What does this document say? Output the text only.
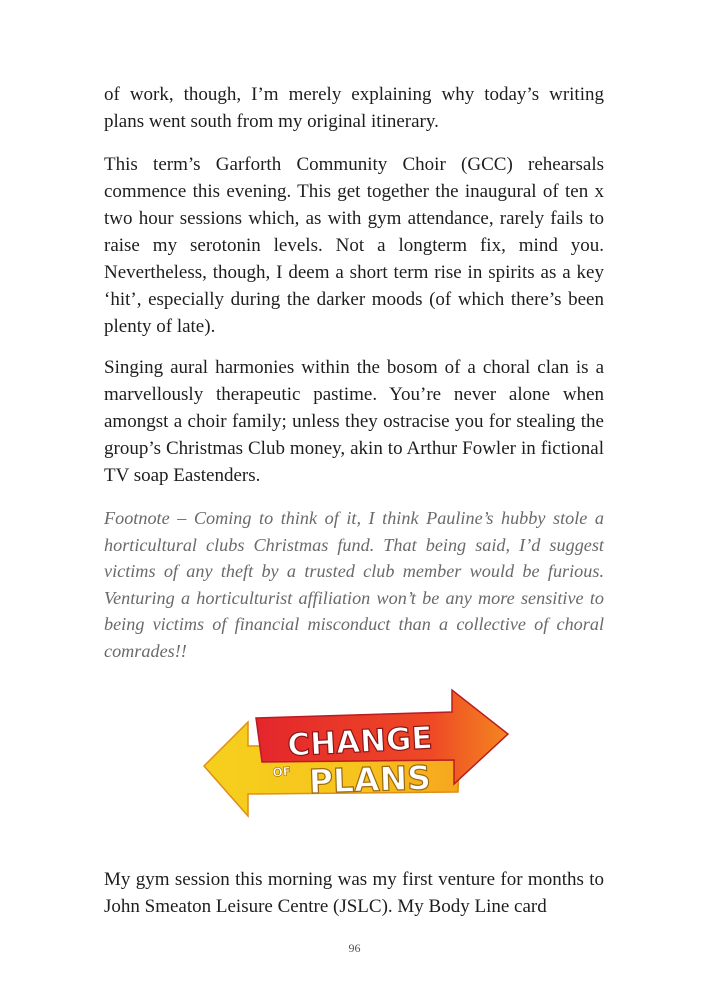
of work, though, I’m merely explaining why today’s writing plans went south from my original itinerary.

This term’s Garforth Community Choir (GCC) rehearsals commence this evening. This get together the inaugural of ten x two hour sessions which, as with gym attendance, rarely fails to raise my serotonin levels. Not a longterm fix, mind you. Nevertheless, though, I deem a short term rise in spirits as a key ‘hit’, especially during the darker moods (of which there’s been plenty of late).

Singing aural harmonies within the bosom of a choral clan is a marvellously therapeutic pastime. You’re never alone when amongst a choir family; unless they ostracise you for stealing the group’s Christmas Club money, akin to Arthur Fowler in fictional TV soap Eastenders.

Footnote – Coming to think of it, I think Pauline’s hubby stole a horticultural clubs Christmas fund. That being said, I’d suggest victims of any theft by a trusted club member would be furious. Venturing a horticulturist affiliation won’t be any more sensitive to being victims of financial misconduct than a collective of choral comrades!!

CHANGE
OF PLANS

My gym session this morning was my first venture for months to John Smeaton Leisure Centre (JSLC). My Body Line card

96
